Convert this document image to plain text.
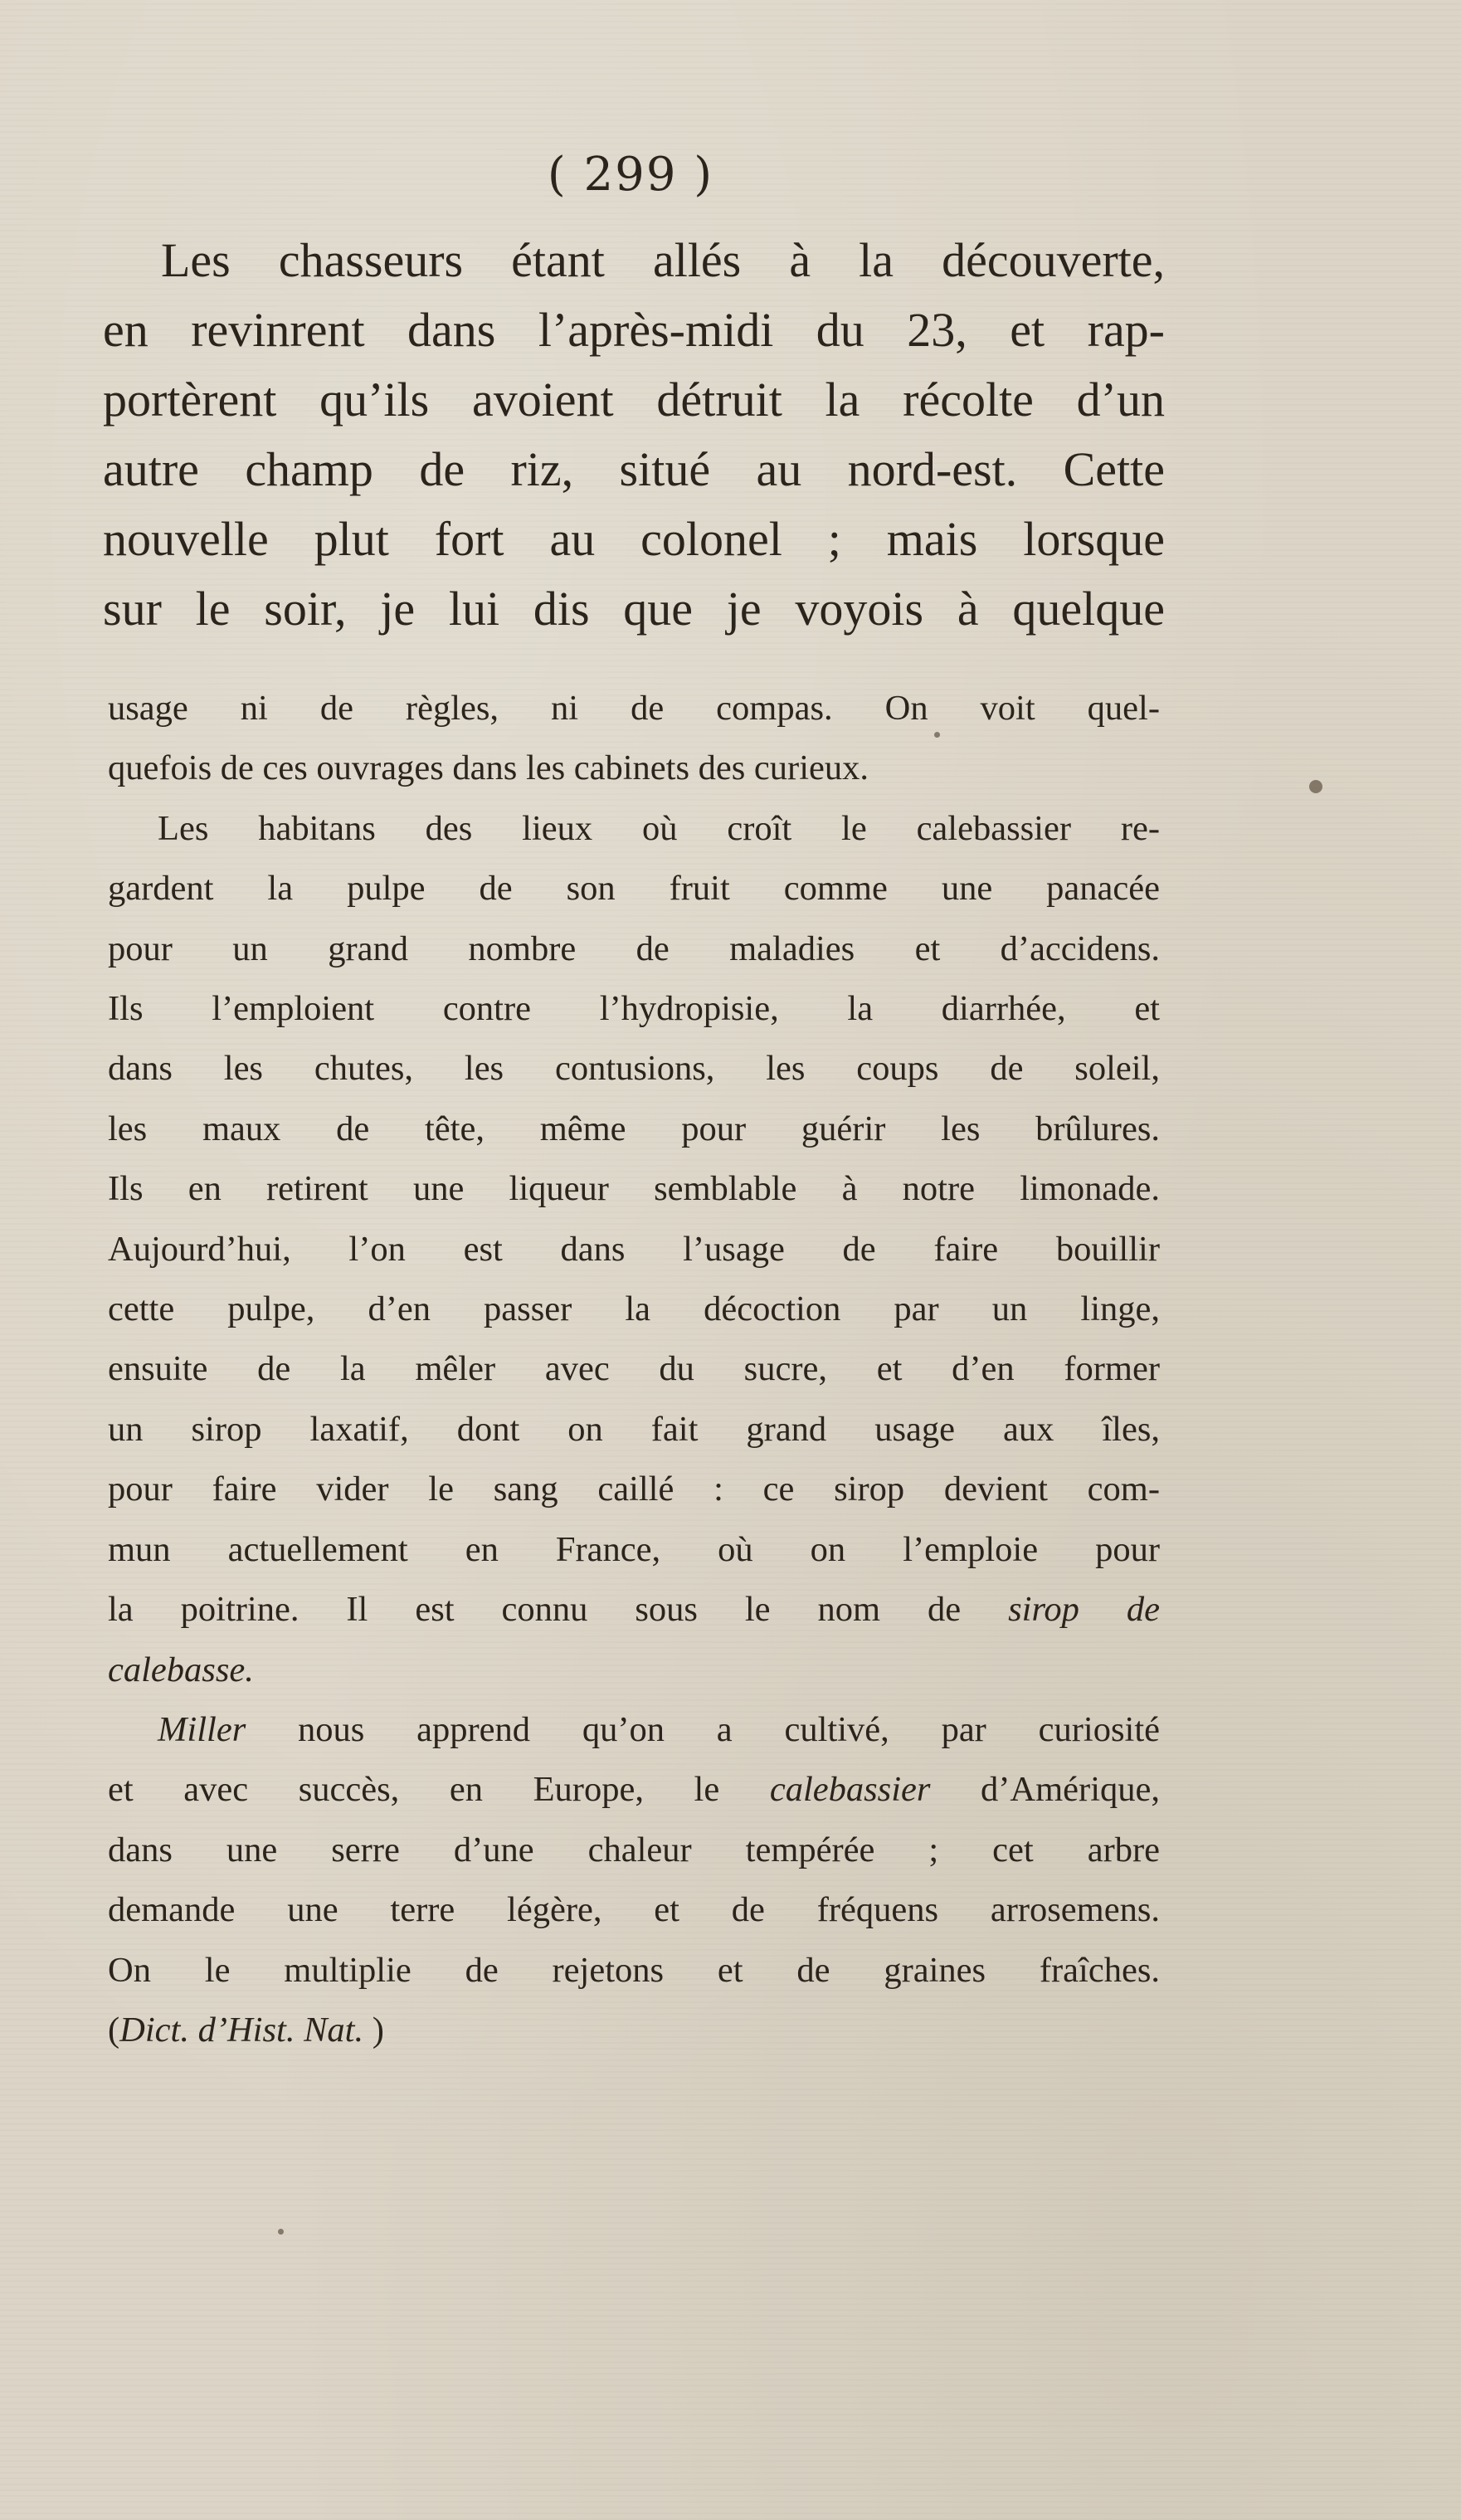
( 299 )
Les chasseurs étant allés à la découverte,
en revinrent dans l’après-midi du 23, et rap-
portèrent qu’ils avoient détruit la récolte d’un
autre champ de riz, situé au nord-est. Cette
nouvelle plut fort au colonel ; mais lorsque
sur le soir, je lui dis que je voyois à quelque
usage ni de règles, ni de compas. On voit quel-
quefois de ces ouvrages dans les cabinets des curieux.
Les habitans des lieux où croît le calebassier re-
gardent la pulpe de son fruit comme une panacée
pour un grand nombre de maladies et d’accidens.
Ils l’emploient contre l’hydropisie, la diarrhée, et
dans les chutes, les contusions, les coups de soleil,
les maux de tête, même pour guérir les brûlures.
Ils en retirent une liqueur semblable à notre limonade.
Aujourd’hui, l’on est dans l’usage de faire bouillir
cette pulpe, d’en passer la décoction par un linge,
ensuite de la mêler avec du sucre, et d’en former
un sirop laxatif, dont on fait grand usage aux îles,
pour faire vider le sang caillé : ce sirop devient com-
mun actuellement en France, où on l’emploie pour
la poitrine. Il est connu sous le nom de sirop de
calebasse.
Miller nous apprend qu’on a cultivé, par curiosité
et avec succès, en Europe, le calebassier d’Amérique,
dans une serre d’une chaleur tempérée ; cet arbre
demande une terre légère, et de fréquens arrosemens.
On le multiplie de rejetons et de graines fraîches.
(Dict. d’Hist. Nat. )
